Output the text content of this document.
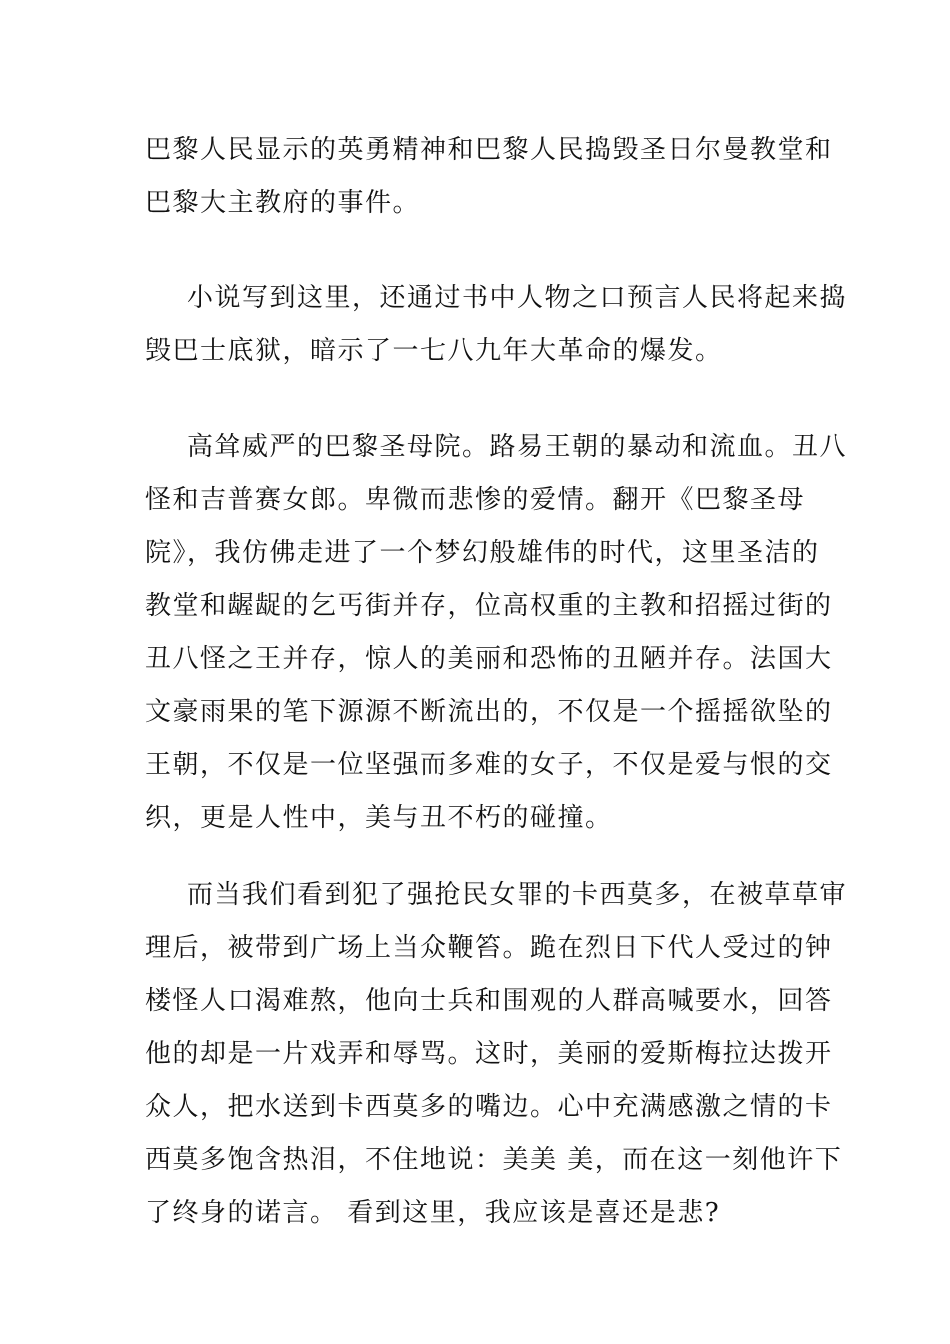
巴黎人民显示的英勇精神和巴黎人民捣毁圣日尔曼教堂和
巴黎大主教府的事件。
小说写到这里，还通过书中人物之口预言人民将起来捣
毁巴士底狱，暗示了一七八九年大革命的爆发。
高耸威严的巴黎圣母院。路易王朝的暴动和流血。丑八
怪和吉普赛女郎。卑微而悲惨的爱情。翻开《巴黎圣母
院》，我仿佛走进了一个梦幻般雄伟的时代，这里圣洁的
教堂和龌龊的乞丐街并存，位高权重的主教和招摇过街的
丑八怪之王并存，惊人的美丽和恐怖的丑陋并存。法国大
文豪雨果的笔下源源不断流出的，不仅是一个摇摇欲坠的
王朝，不仅是一位坚强而多难的女子，不仅是爱与恨的交
织，更是人性中，美与丑不朽的碰撞。
而当我们看到犯了强抢民女罪的卡西莫多，在被草草审
理后，被带到广场上当众鞭笞。跪在烈日下代人受过的钟
楼怪人口渴难熬，他向士兵和围观的人群高喊要水，回答
他的却是一片戏弄和辱骂。这时，美丽的爱斯梅拉达拨开
众人，把水送到卡西莫多的嘴边。心中充满感激之情的卡
西莫多饱含热泪，不住地说：美美 美，而在这一刻他许下
了终身的诺言。 看到这里，我应该是喜还是悲?
